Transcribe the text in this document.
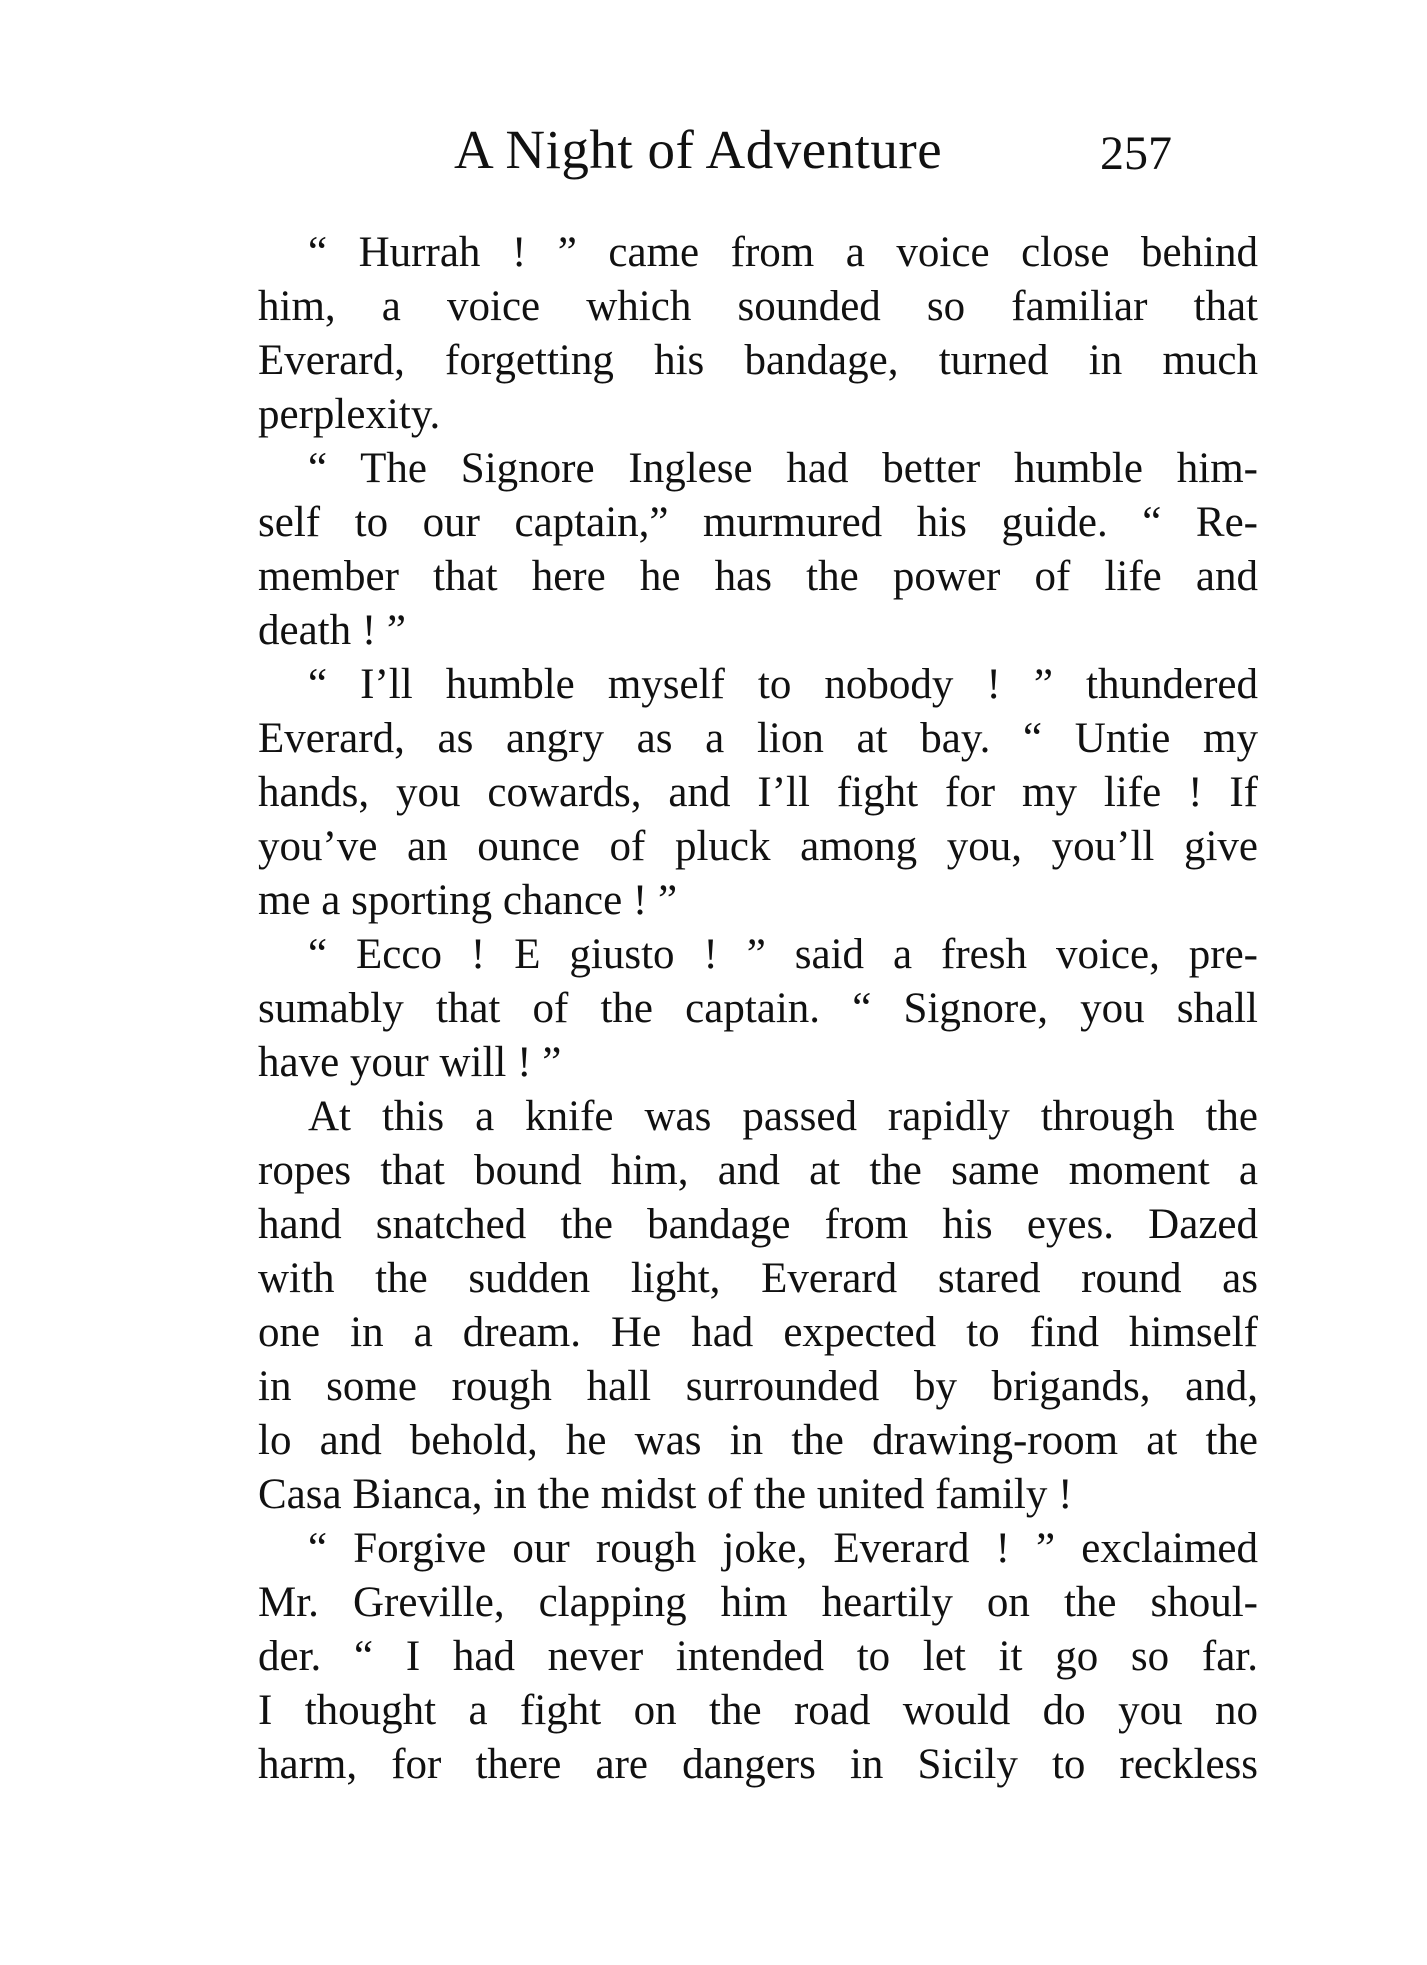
A Night of Adventure	257
“ Hurrah ! ” came from a voice close behind
him, a voice which sounded so familiar that
Everard, forgetting his bandage, turned in much
perplexity.
“ The Signore Inglese had better humble him-
self to our captain,” murmured his guide. “ Re-
member that here he has the power of life and
death ! ”
“ I’ll humble myself to nobody ! ” thundered
Everard, as angry as a lion at bay. “ Untie my
hands, you cowards, and I’ll fight for my life ! If
you’ve an ounce of pluck among you, you’ll give
me a sporting chance ! ”
“ Ecco ! E giusto ! ” said a fresh voice, pre-
sumably that of the captain. “ Signore, you shall
have your will ! ”
At this a knife was passed rapidly through the
ropes that bound him, and at the same moment a
hand snatched the bandage from his eyes. Dazed
with the sudden light, Everard stared round as
one in a dream. He had expected to find himself
in some rough hall surrounded by brigands, and,
lo and behold, he was in the drawing-room at the
Casa Bianca, in the midst of the united family !
“ Forgive our rough joke, Everard ! ” exclaimed
Mr. Greville, clapping him heartily on the shoul-
der. “ I had never intended to let it go so far.
I thought a fight on the road would do you no
harm, for there are dangers in Sicily to reckless
